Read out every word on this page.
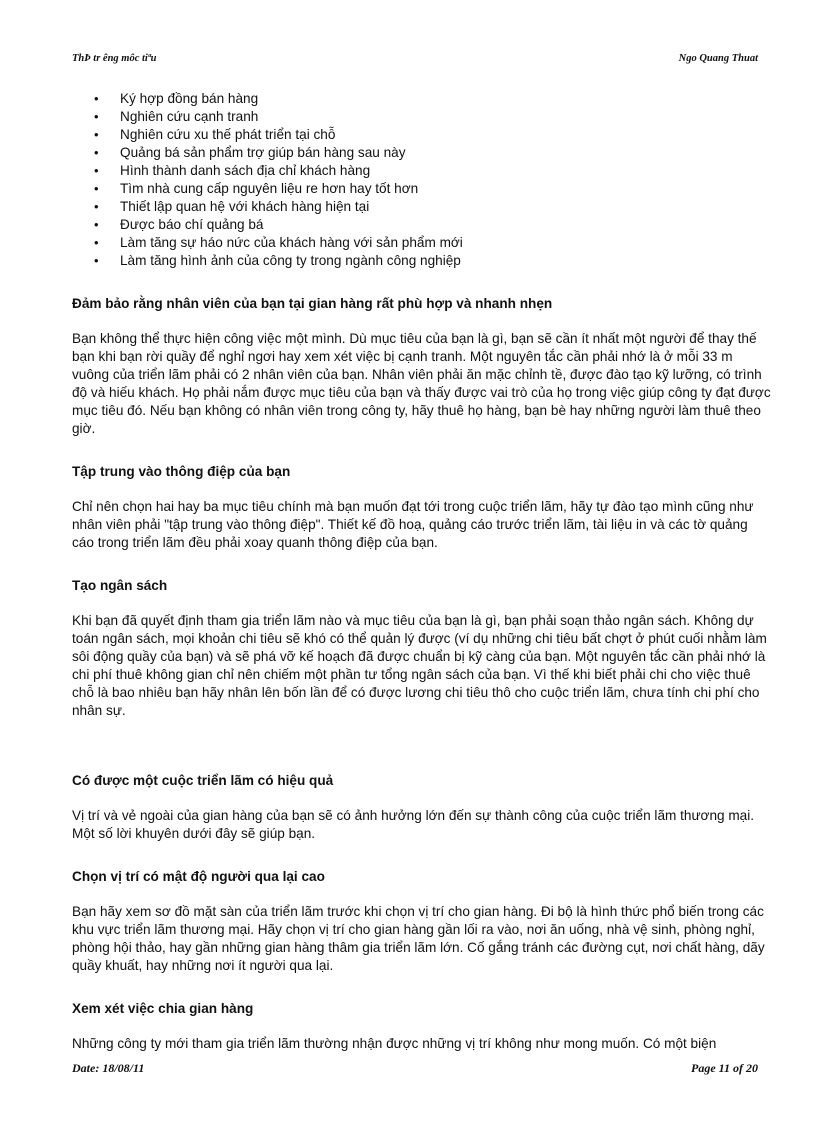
ThÞ tr êng môc tiªu	Ngo Quang Thuat
• Ký hợp đồng bán hàng
• Nghiên cứu cạnh tranh
• Nghiên cứu xu thế phát triển tại chỗ
• Quảng bá sản phẩm trợ giúp bán hàng sau này
• Hình thành danh sách địa chỉ khách hàng
• Tìm nhà cung cấp nguyên liệu re hơn hay tốt hơn
• Thiết lập quan hệ với khách hàng hiện tại
• Được báo chí quảng bá
• Làm tăng sự háo nức của khách hàng với sản phẩm mới
• Làm tăng hình ảnh của công ty trong ngành công nghiệp
Đảm bảo rằng nhân viên của bạn tại gian hàng rất phù hợp và nhanh nhẹn

Bạn không thể thực hiện công việc một mình. Dù mục tiêu của bạn là gì, bạn sẽ cần ít nhất một người để thay thế bạn khi bạn rời quầy để nghỉ ngơi hay xem xét việc bị cạnh tranh. Một nguyên tắc cần phải nhớ là ở mỗi 33 m vuông của triển lãm phải có 2 nhân viên của bạn. Nhân viên phải ăn mặc chỉnh tề, được đào tạo kỹ lưỡng, có trình độ và hiếu khách. Họ phải nắm được mục tiêu của bạn và thấy được vai trò của họ trong việc giúp công ty đạt được mục tiêu đó. Nếu bạn không có nhân viên trong công ty, hãy thuê họ hàng, bạn bè hay những người làm thuê theo giờ.

Tập trung vào thông điệp của bạn

Chỉ nên chọn hai hay ba mục tiêu chính mà bạn muốn đạt tới trong cuộc triển lãm, hãy tự đào tạo mình cũng như nhân viên phải "tập trung vào thông điệp". Thiết kế đồ hoạ, quảng cáo trước triển lãm, tài liệu in và các tờ quảng cáo trong triển lãm đều phải xoay quanh thông điệp của bạn.

Tạo ngân sách

Khi bạn đã quyết định tham gia triển lãm nào và mục tiêu của bạn là gì, bạn phải soạn thảo ngân sách. Không dự toán ngân sách, mọi khoản chi tiêu sẽ khó có thể quản lý được (ví dụ những chi tiêu bất chợt ở phút cuối nhằm làm sôi động quầy của bạn) và sẽ phá vỡ kế hoạch đã được chuẩn bị kỹ càng của bạn. Một nguyên tắc cần phải nhớ là chi phí thuê không gian chỉ nên chiếm một phần tư tổng ngân sách của bạn. Vì thế khi biết phải chi cho việc thuê chỗ là bao nhiêu bạn hãy nhân lên bốn lần để có được lương chi tiêu thô cho cuộc triển lãm, chưa tính chi phí cho nhân sự.

Có được một cuộc triển lãm có hiệu quả

Vị trí và vẻ ngoài của gian hàng của bạn sẽ có ảnh hưởng lớn đến sự thành công của cuộc triển lãm thương mại. Một số lời khuyên dưới đây sẽ giúp bạn.

Chọn vị trí có mật độ người qua lại cao

Bạn hãy xem sơ đồ mặt sàn của triển lãm trước khi chọn vị trí cho gian hàng. Đi bộ là hình thức phổ biến trong các khu vực triển lãm thương mại. Hãy chọn vị trí cho gian hàng gần lối ra vào, nơi ăn uống, nhà vệ sinh, phòng nghỉ, phòng hội thảo, hay gần những gian hàng thâm gia triển lãm lớn. Cố gắng tránh các đường cụt, nơi chất hàng, dãy quầy khuất, hay những nơi ít người qua lại.

Xem xét việc chia gian hàng

Những công ty mới tham gia triển lãm thường nhận được những vị trí không như mong muốn. Có một biện

Date: 18/08/11	Page 11 of 20
